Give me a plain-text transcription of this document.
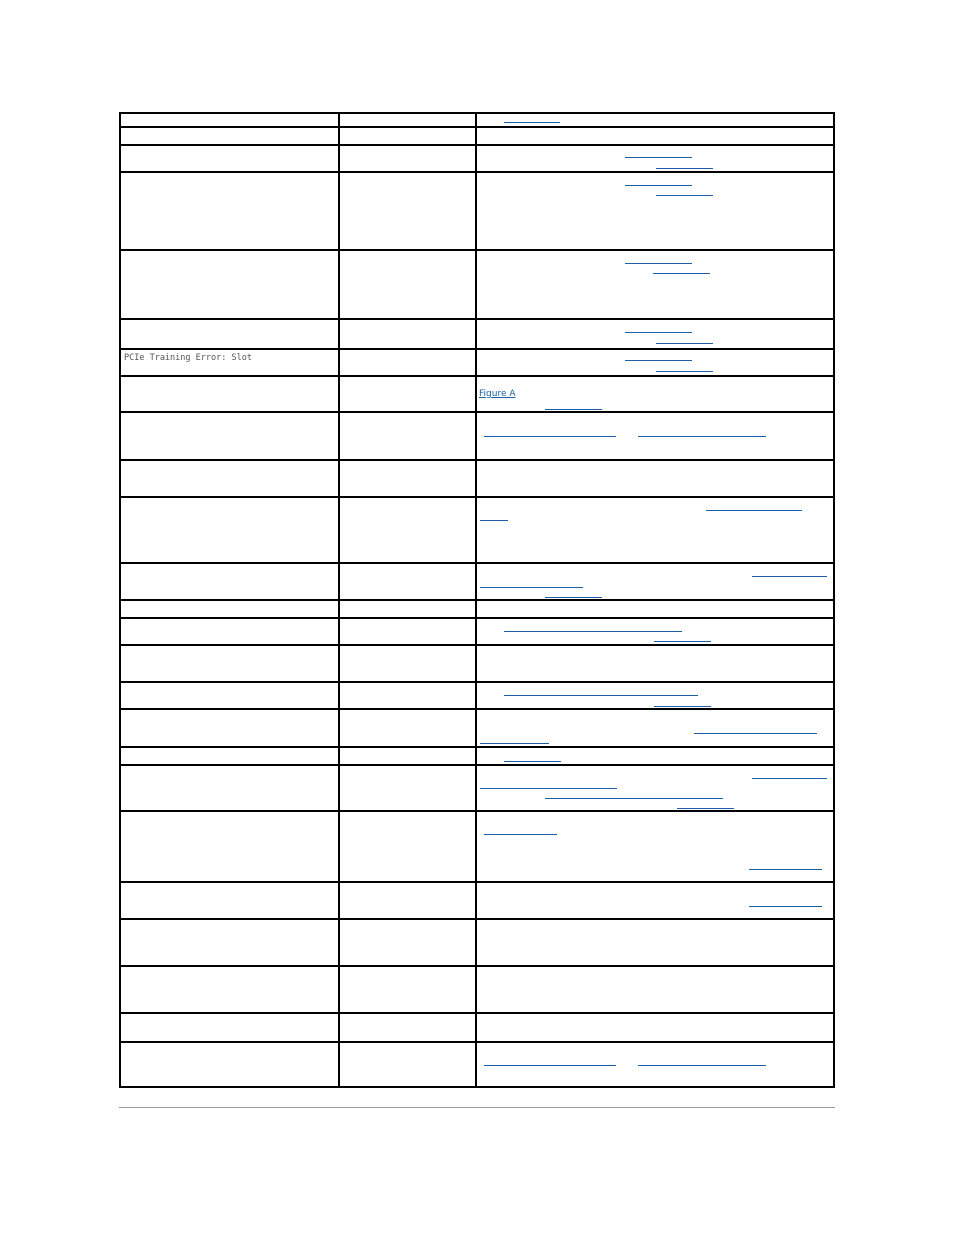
PCIe Training Error: Slot
Figure A
